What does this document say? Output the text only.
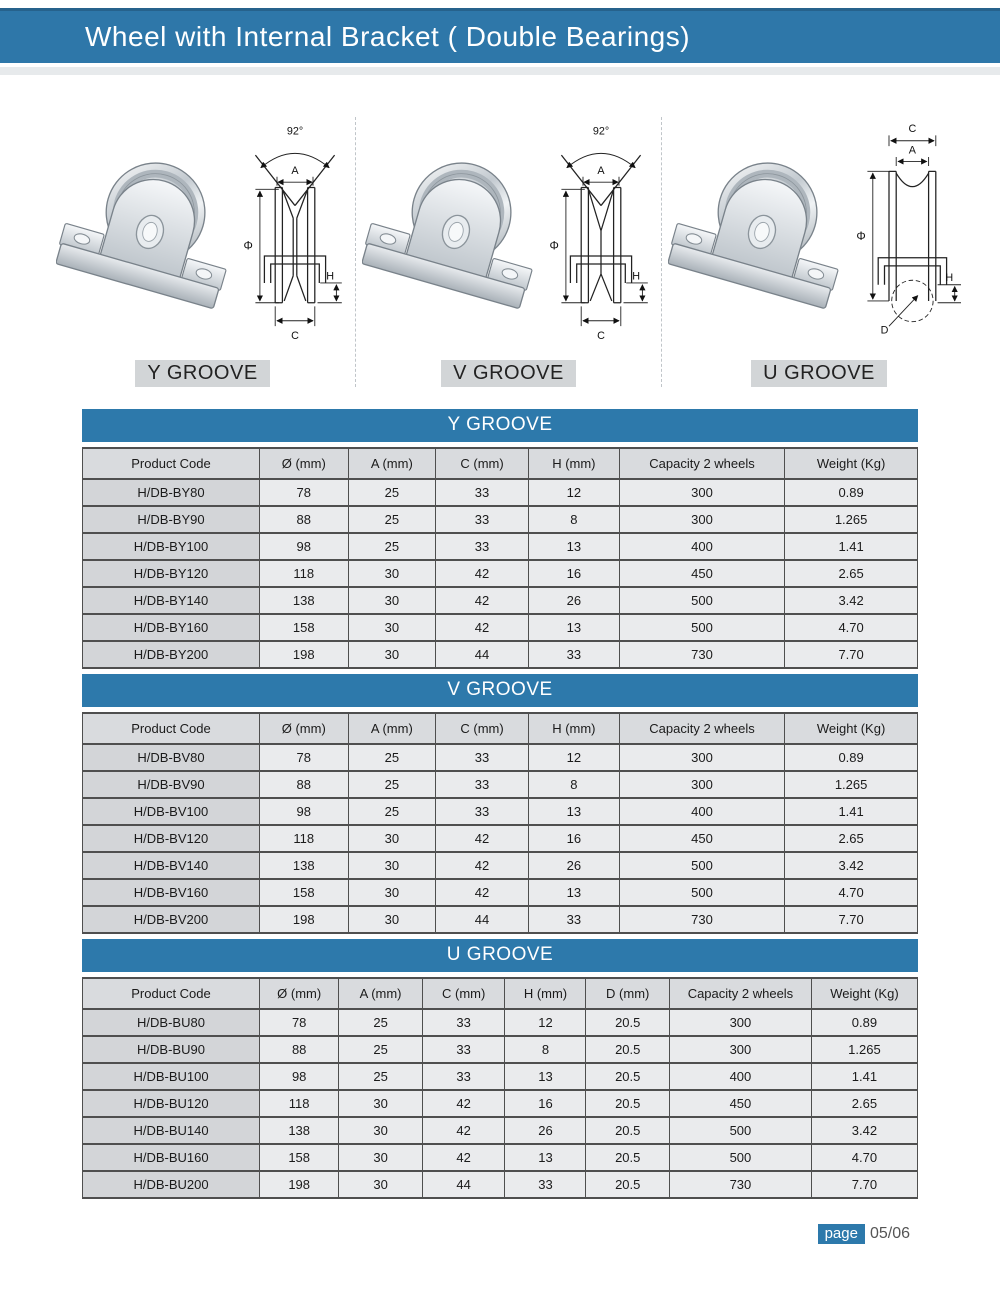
Wheel with Internal Bracket ( Double Bearings)
92°
A
Φ
C
H
Y GROOVE
92°
A
Φ
C
H
V GROOVE
C
A
Φ
D
H
U GROOVE
Y GROOVE
Product Code	Ø (mm)	A (mm)	C (mm)	H (mm)	Capacity 2 wheels	Weight (Kg)
H/DB-BY80	78	25	33	12	300	0.89
H/DB-BY90	88	25	33	8	300	1.265
H/DB-BY100	98	25	33	13	400	1.41
H/DB-BY120	118	30	42	16	450	2.65
H/DB-BY140	138	30	42	26	500	3.42
H/DB-BY160	158	30	42	13	500	4.70
H/DB-BY200	198	30	44	33	730	7.70
V GROOVE
Product Code	Ø (mm)	A (mm)	C (mm)	H (mm)	Capacity 2 wheels	Weight (Kg)
H/DB-BV80	78	25	33	12	300	0.89
H/DB-BV90	88	25	33	8	300	1.265
H/DB-BV100	98	25	33	13	400	1.41
H/DB-BV120	118	30	42	16	450	2.65
H/DB-BV140	138	30	42	26	500	3.42
H/DB-BV160	158	30	42	13	500	4.70
H/DB-BV200	198	30	44	33	730	7.70
U GROOVE
Product Code	Ø (mm)	A (mm)	C (mm)	H (mm)	D (mm)	Capacity 2 wheels	Weight (Kg)
H/DB-BU80	78	25	33	12	20.5	300	0.89
H/DB-BU90	88	25	33	8	20.5	300	1.265
H/DB-BU100	98	25	33	13	20.5	400	1.41
H/DB-BU120	118	30	42	16	20.5	450	2.65
H/DB-BU140	138	30	42	26	20.5	500	3.42
H/DB-BU160	158	30	42	13	20.5	500	4.70
H/DB-BU200	198	30	44	33	20.5	730	7.70
page 05/06
